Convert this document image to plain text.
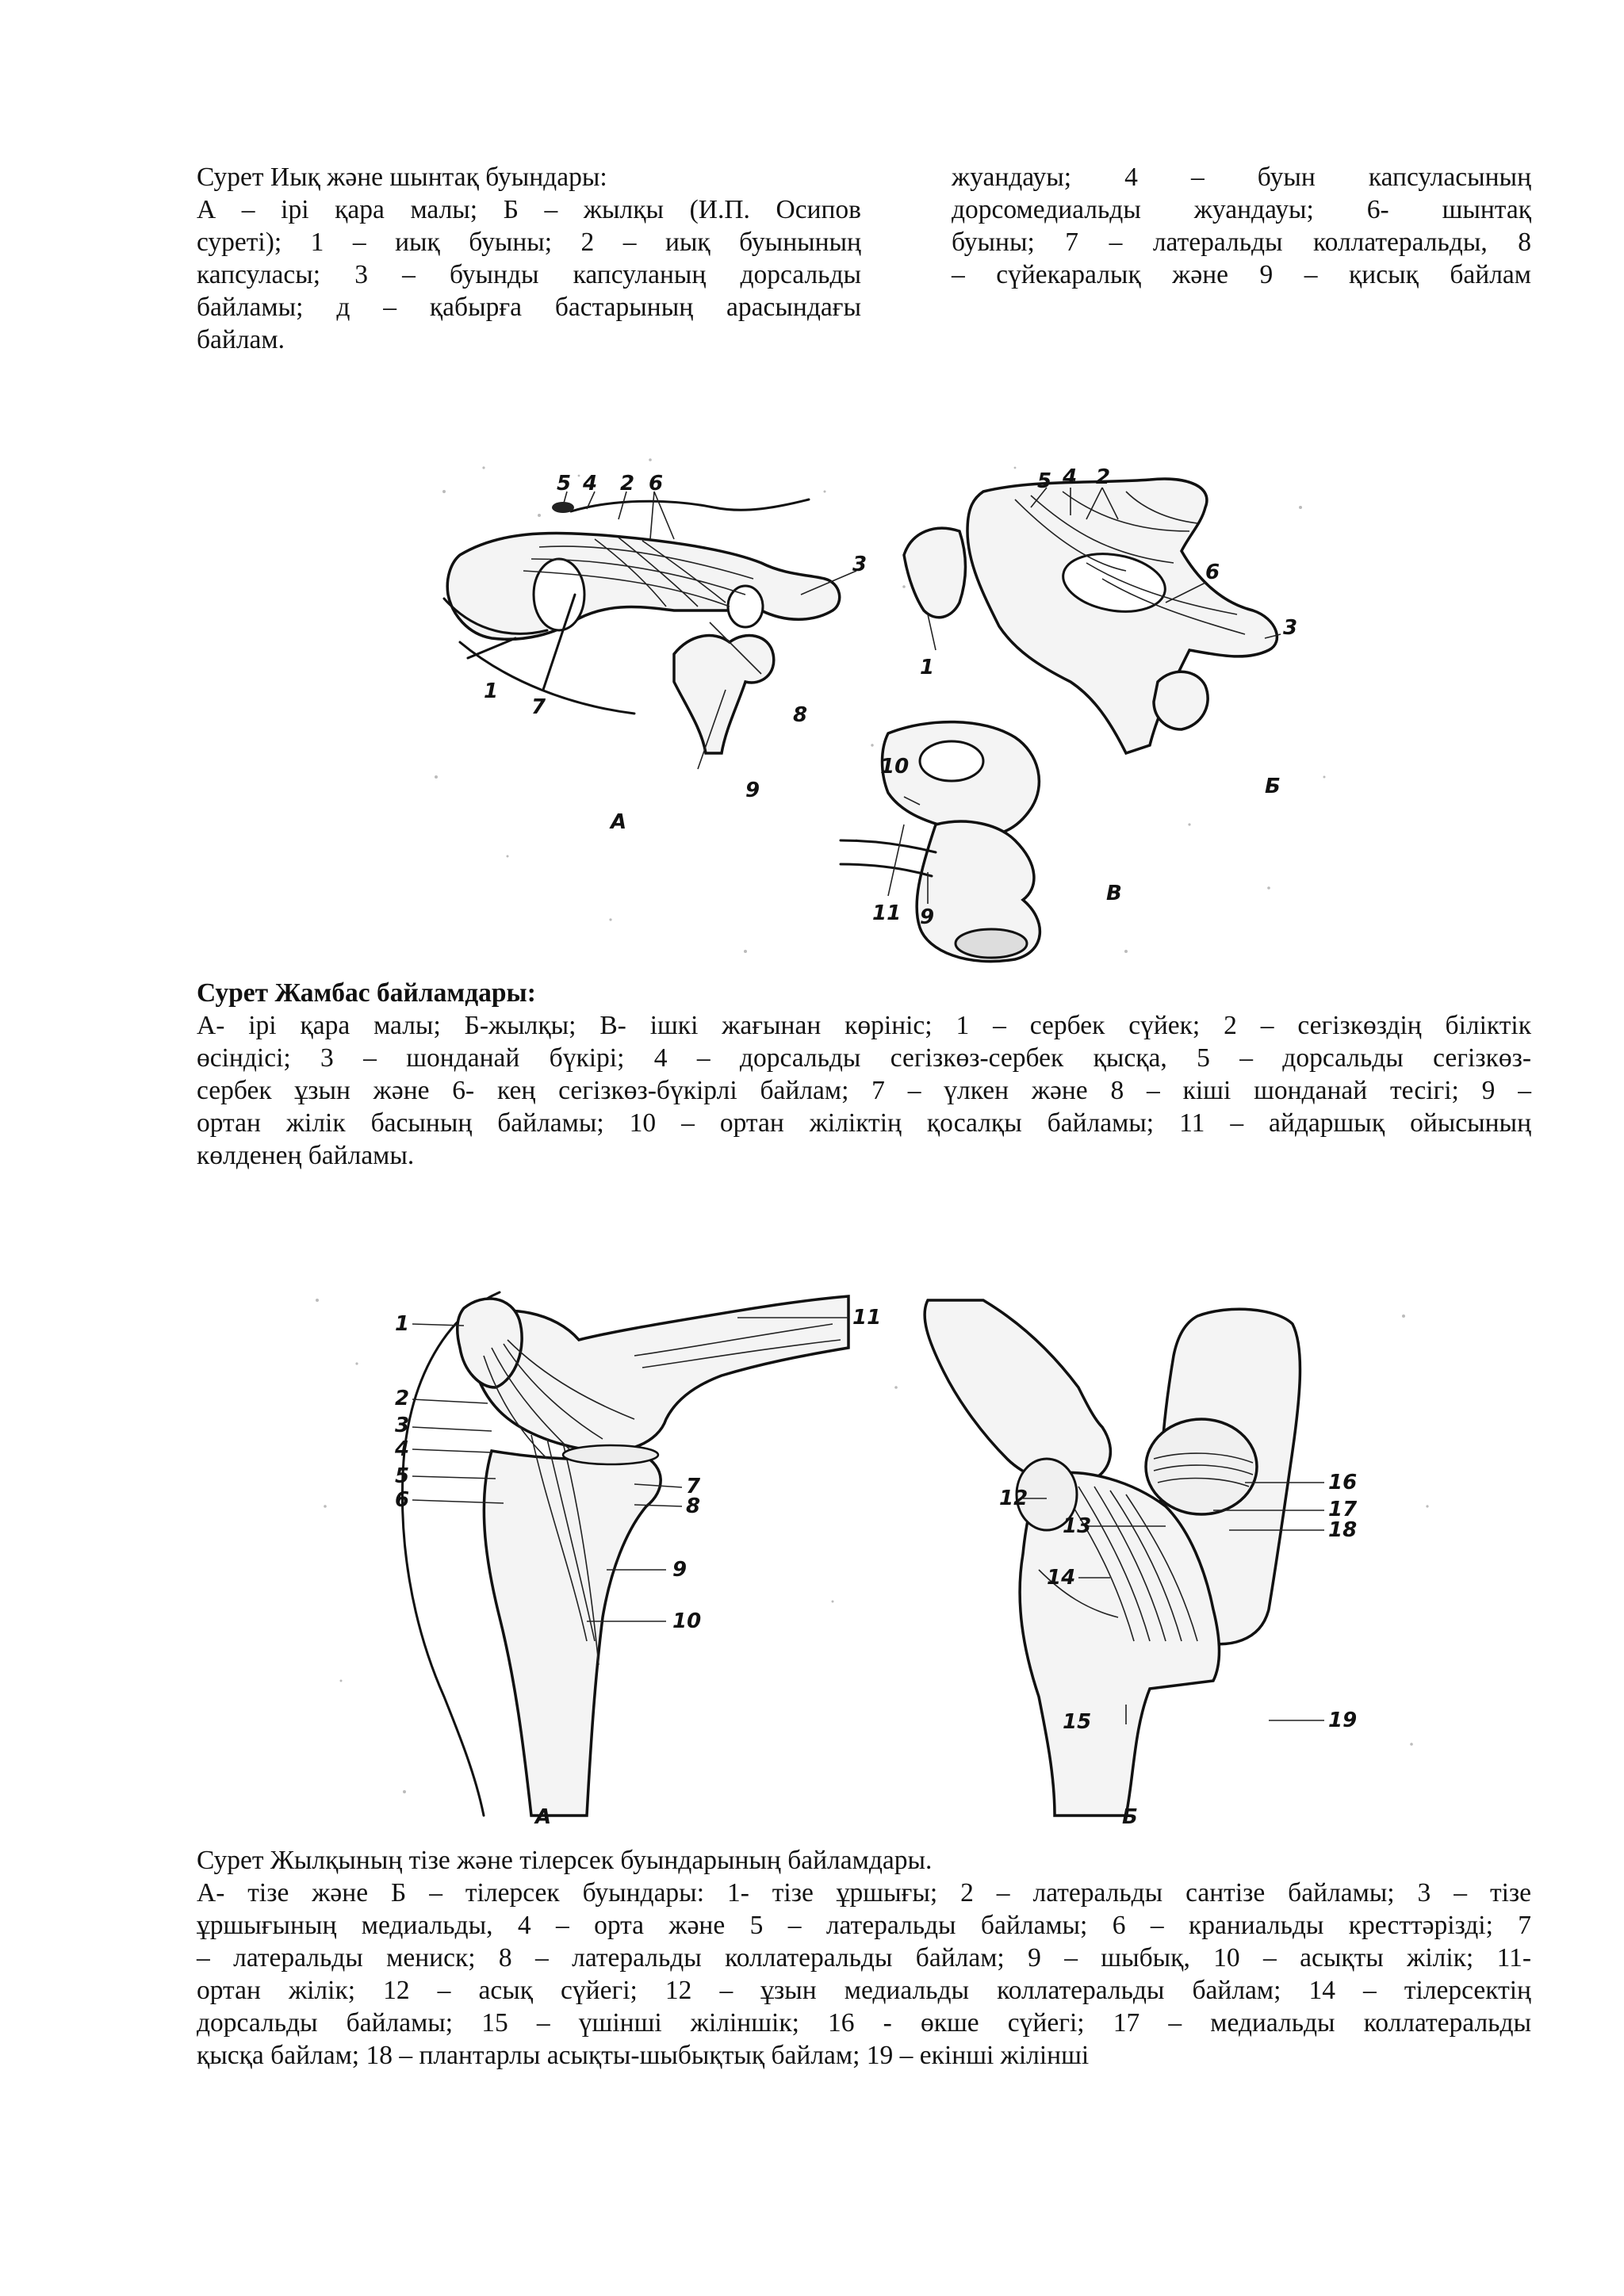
Сурет Иық және шынтақ буындары:
А – ірі қара малы; Б – жылқы (И.П. Осипов
суреті); 1 – иық буыны; 2 – иық буынының
капсуласы; 3 – буынды капсуланың дорсальды
байламы; д – қабырға бастарының арасындағы
байлам.
жуандауы; 4 – буын капсуласының
дорсомедиальды жуандауы; 6- шынтақ
буыны; 7 – латеральды коллатеральды, 8
– сүйекаралық және 9 – қисық байлам
5 4 2 6
3
1
7	8
9
А
5 4 2
6
3
1
Б
10
11 9
В
Сурет Жамбас байламдары:
А- ірі қара малы; Б-жылқы; В- ішкі жағынан көрініс; 1 – сербек сүйек; 2 – сегізкөздің біліктік
өсіндісі; 3 – шонданай бүкірі; 4 – дорсальды сегізкөз-сербек қысқа, 5 – дорсальды сегізкөз-
сербек ұзын және 6- кең сегізкөз-бүкірлі байлам; 7 – үлкен және 8 – кіші шонданай тесігі; 9 –
ортан жілік басының байламы; 10 – ортан жіліктің қосалқы байламы; 11 – айдаршық ойысының
көлденең байламы.
1
2
3
4
5
6
7
8
9
10
11
А
16
12	17
13	18
14
15	19
Б
Сурет Жылқының тізе және тілерсек буындарының байламдары.
А- тізе және Б – тілерсек буындары: 1- тізе ұршығы; 2 – латеральды сантізе байламы; 3 – тізе
ұршығының медиальды, 4 – орта және 5 – латеральды байламы; 6 – краниальды кресттәрізді; 7
– латеральды мениск; 8 – латеральды коллатеральды байлам; 9 – шыбық, 10 – асықты жілік; 11-
ортан жілік; 12 – асық сүйегі; 12 – ұзын медиальды коллатеральды байлам; 14 – тілерсектің
дорсальды байламы; 15 – үшінші жіліншік; 16 - өкше сүйегі; 17 – медиальды коллатеральды
қысқа байлам; 18 – плантарлы асықты-шыбықтық байлам; 19 – екінші жілінші
